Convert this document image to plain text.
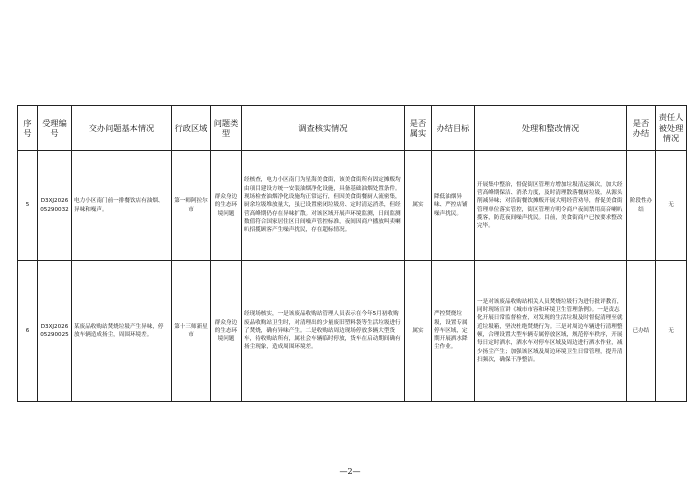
序号	受理编号	交办问题基本情况	行政区域	问题类型	调查核实情况	是否属实	办结目标	处理和整改情况	是否办结	责任人被处理情况
5	D3XJ202605290032	电力小区南门前一排餐饮店有油烟、异味和噪声。	第一师阿拉尔市	群众身边的生态环境问题	经核查，电力小区南门为星海美食街，该美食街所有固定摊贩均由项目建设方统一安装油烟净化设施，具备基础油烟处置条件。现场检查油烟净化设施均正常运行，但因美食街餐厨人流密集，厨余垃圾堆放量大，虽已设置密闭垃圾房、定时清运消杀，但经营高峰期仍存在异味扩散。对该区域开展声环境监测，日间监测数值符合国家居住区日间噪声管控标准，夜间因商户播放叫卖喇叭招揽顾客产生噪声扰民，存在超标情况。	属实	降低油烟异味、严控店铺噪声扰民。	开展集中整治，督促街区管理方增加垃圾清运频次，加大经营高峰期保洁、消杀力度，及时清理散落餐厨垃圾，从源头削减异味；对沿街餐饮摊贩开展大明经营劝导，督促美食街管理单位落实管控，街区管理方明令商户夜间禁用高音喇叭揽客，防范夜间噪声扰民。目前，美食街商户已按要求整改完毕。	阶段性办结	无
6	D3XJ202605290025	某废品收购站焚烧垃圾产生异味，停放车辆造成扬尘，周围环境差。	第十三师新星市	群众身边的生态环境问题	经现场核实，一是该废品收购站管理人员表示在今年5月初收购废品收购站卫生时，对清理出的少量废旧塑料袋等生活垃圾进行了焚烧，确有异味产生。二是收购站周边现场停放多辆大型货车，待收购站所有，属社会车辆临时停放，货车在启动期间确有扬尘现象，造成周围环境差。	属实	严控焚烧垃圾，设置专属停车区域，定期开展洒水降尘作业。	一是对该废品收购站相关人员焚烧垃圾行为进行批评教育，同时现场宣讲《城市市容和环境卫生管理条例》。一是责志化开展日常监督检查，对发现的生活垃圾及时督促清理至就近垃圾箱，坚决杜绝焚烧行为。三是对周边车辆进行清理整顿，合理设置大型车辆专属停放区域，规范停车秩序，开展每日定时洒水，洒水车对停车区域及周边进行洒水作业，减少扬尘产生；加强该区域及周边环境卫生日常管理，提升清扫频次，确保干净整洁。	已办结	无
—2—
